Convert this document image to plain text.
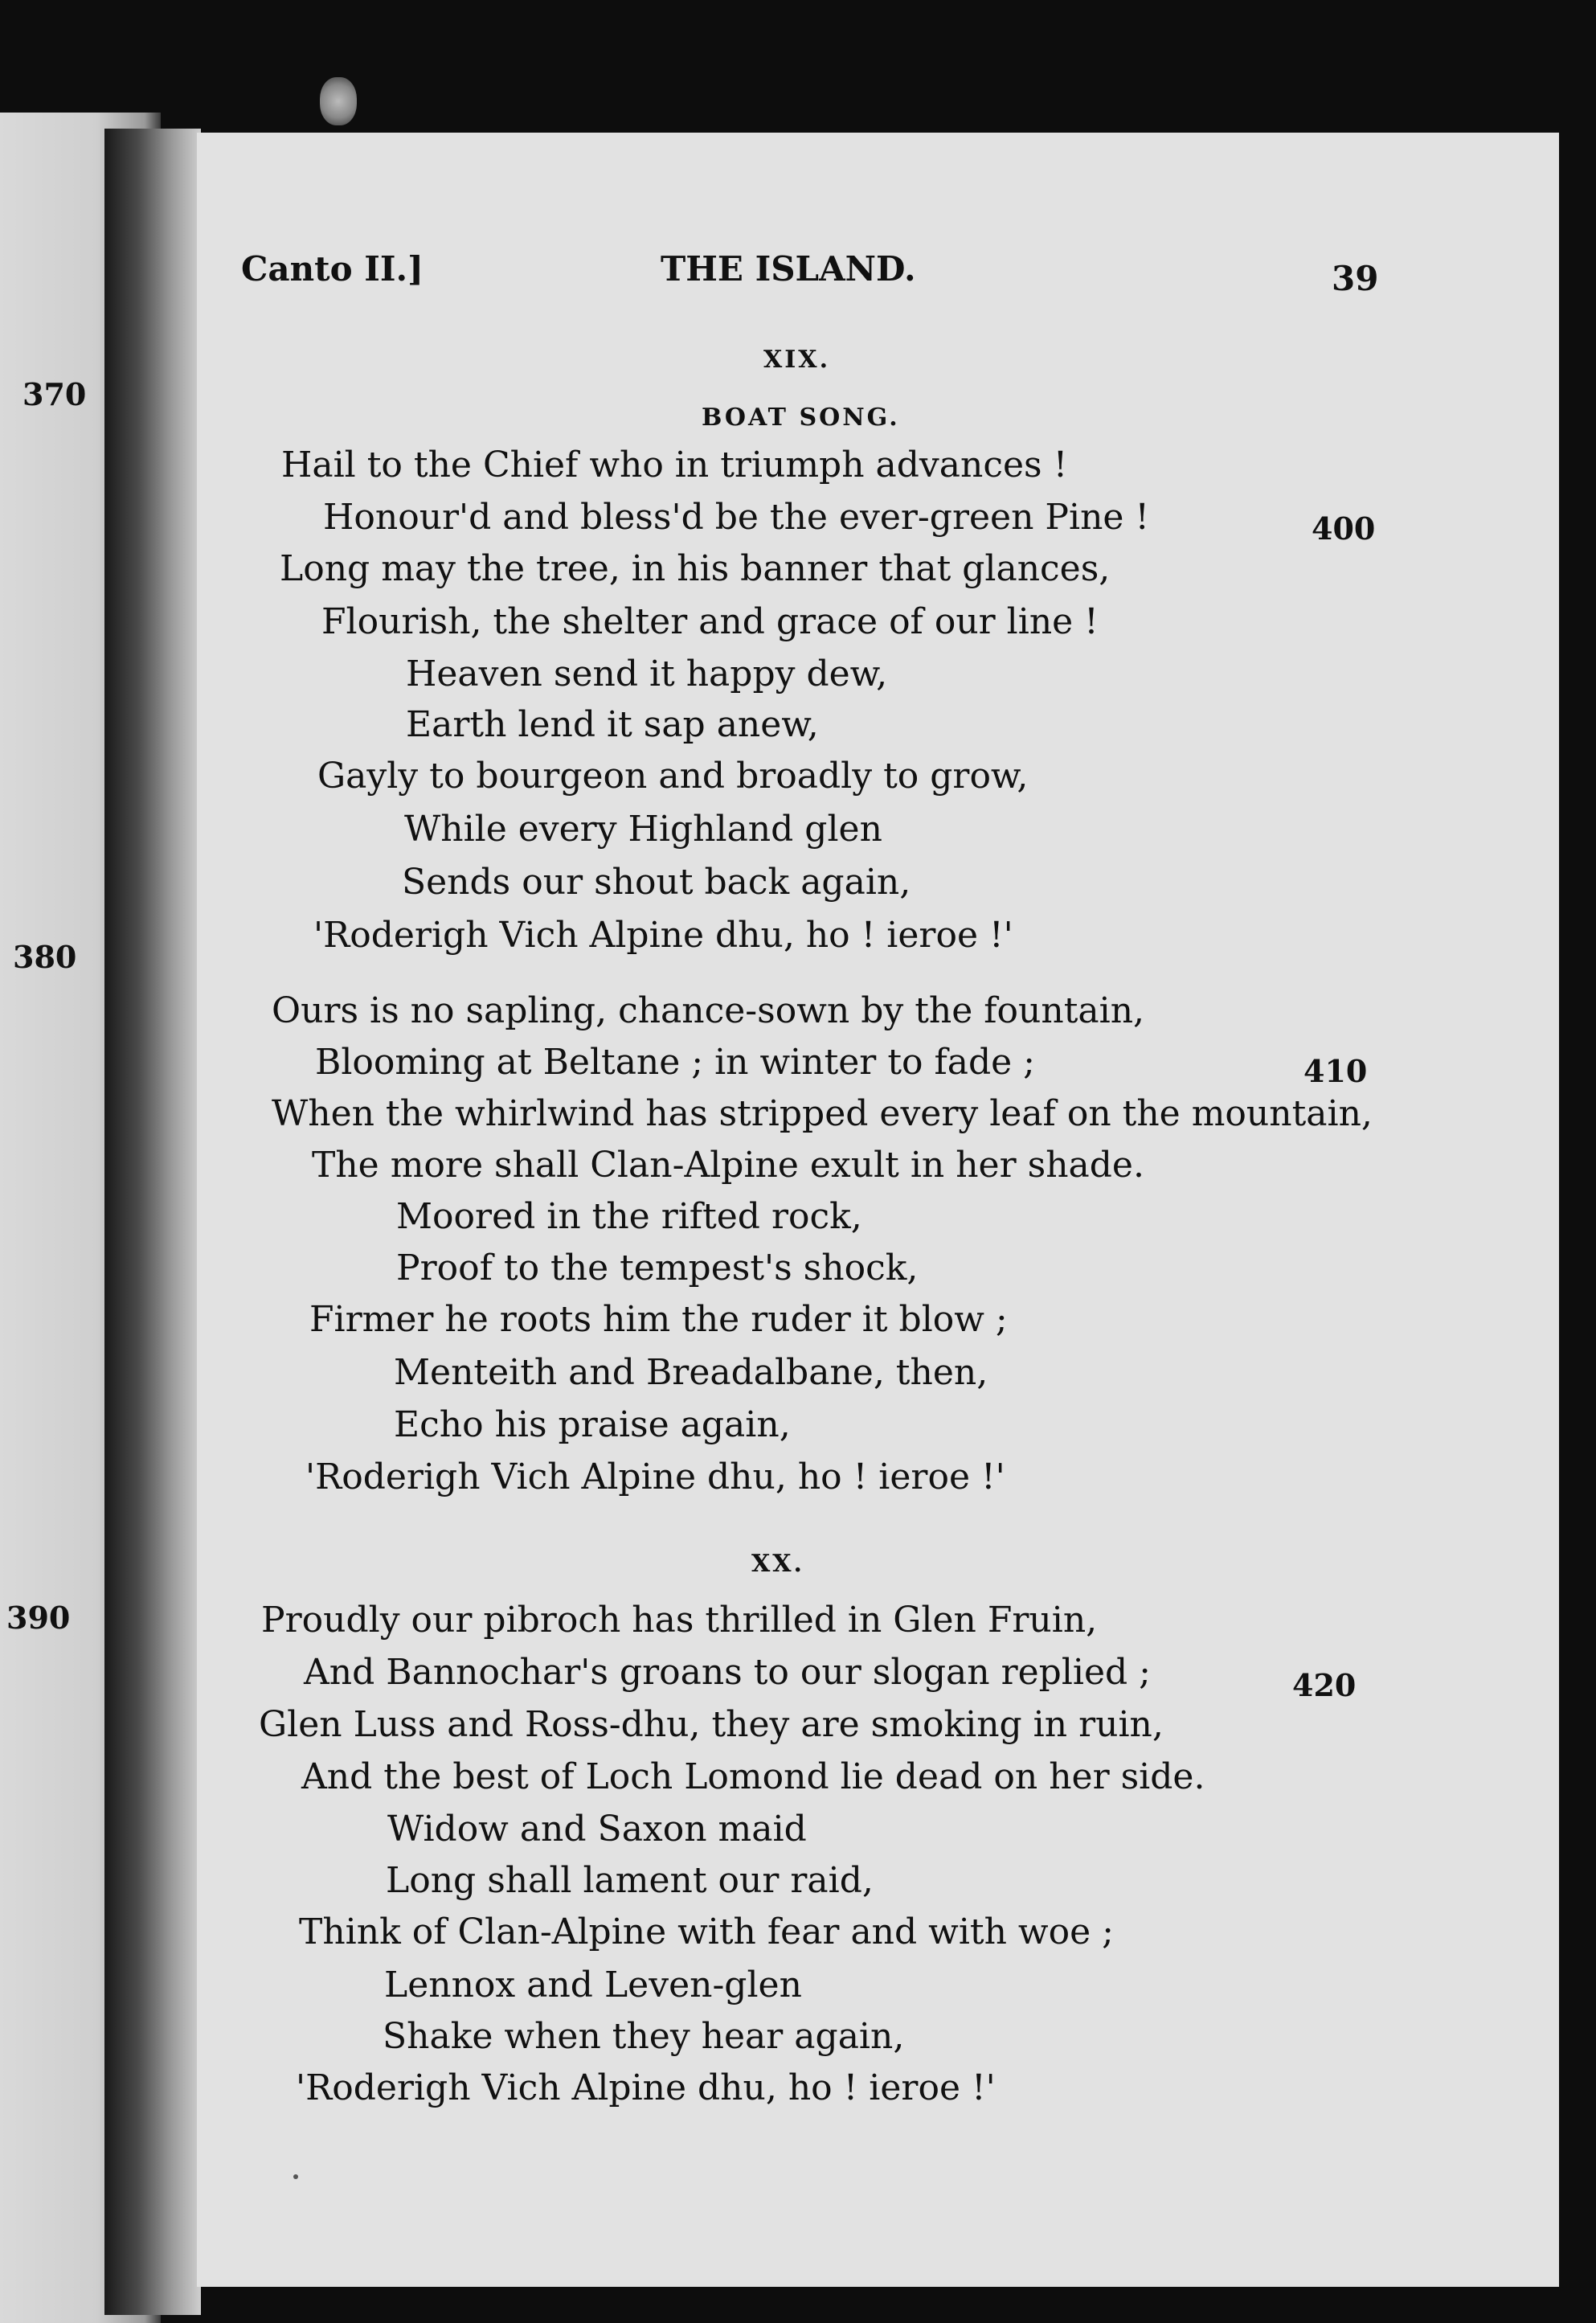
370
380
390
Canto II.]	THE ISLAND.	39
XIX.
BOAT SONG.
Hail to the Chief who in triumph advances !
Honour'd and bless'd be the ever-green Pine !
Long may the tree, in his banner that glances,
Flourish, the shelter and grace of our line !
Heaven send it happy dew,
Earth lend it sap anew,
Gayly to bourgeon and broadly to grow,
While every Highland glen
Sends our shout back again,
'Roderigh Vich Alpine dhu, ho ! ieroe !'
Ours is no sapling, chance-sown by the fountain,
Blooming at Beltane ; in winter to fade ;
When the whirlwind has stripped every leaf on the mountain,
The more shall Clan-Alpine exult in her shade.
Moored in the rifted rock,
Proof to the tempest's shock,
Firmer he roots him the ruder it blow ;
Menteith and Breadalbane, then,
Echo his praise again,
'Roderigh Vich Alpine dhu, ho ! ieroe !'
XX.
Proudly our pibroch has thrilled in Glen Fruin,
And Bannochar's groans to our slogan replied ;
Glen Luss and Ross-dhu, they are smoking in ruin,
And the best of Loch Lomond lie dead on her side.
Widow and Saxon maid
Long shall lament our raid,
Think of Clan-Alpine with fear and with woe ;
Lennox and Leven-glen
Shake when they hear again,
'Roderigh Vich Alpine dhu, ho ! ieroe !'
400
410
420
